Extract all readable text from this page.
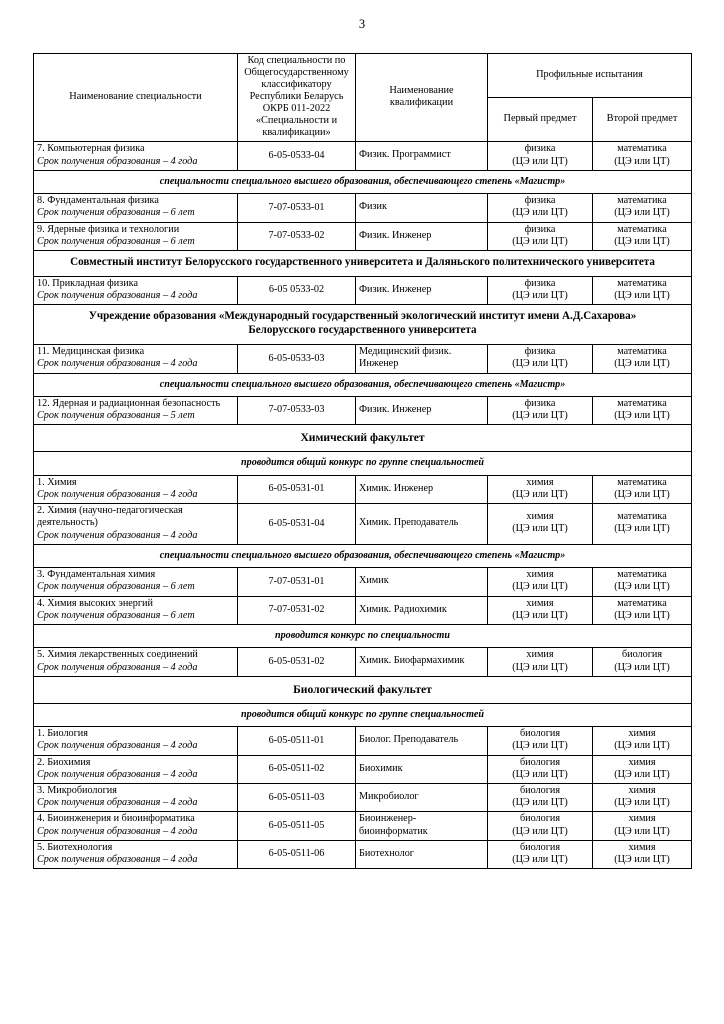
3
Наименование специальности	Код специальности по Общегосударственному классификатору Республики Беларусь ОКРБ 011-2022 «Специальности и квалификации»	Наименование квалификации	Профильные испытания	
			Первый предмет	Второй предмет

7. Компьютерная физика
Срок получения образования – 4 года	6-05-0533-04	Физик. Программист	физика
(ЦЭ или ЦТ)	математика
(ЦЭ или ЦТ)

специальности специального высшего образования, обеспечивающего степень «Магистр»				

8. Фундаментальная физика
Срок получения образования – 6 лет	7-07-0533-01	Физик	физика
(ЦЭ или ЦТ)	математика
(ЦЭ или ЦТ)

9. Ядерные физика и технологии
Срок получения образования – 6 лет	7-07-0533-02	Физик. Инженер	физика
(ЦЭ или ЦТ)	математика
(ЦЭ или ЦТ)

Совместный институт Белорусского государственного университета и Даляньского политехнического университета				

10. Прикладная физика
Срок получения образования – 4 года	6-05 0533-02	Физик. Инженер	физика
(ЦЭ или ЦТ)	математика
(ЦЭ или ЦТ)

Учреждение образования «Международный государственный экологический институт имени А.Д.Сахарова» Белорусского государственного университета				

11. Медицинская физика
Срок получения образования – 4 года	6-05-0533-03	Медицинский физик. Инженер	физика
(ЦЭ или ЦТ)	математика
(ЦЭ или ЦТ)

специальности специального высшего образования, обеспечивающего степень «Магистр»				

12. Ядерная и радиационная безопасность
Срок получения образования – 5 лет	7-07-0533-03	Физик. Инженер	физика
(ЦЭ или ЦТ)	математика
(ЦЭ или ЦТ)

Химический факультет				
проводится общий конкурс по группе специальностей				

1. Химия
Срок получения образования – 4 года	6-05-0531-01	Химик. Инженер	химия
(ЦЭ или ЦТ)	математика
(ЦЭ или ЦТ)

2. Химия (научно-педагогическая деятельность)
Срок получения образования – 4 года	6-05-0531-04	Химик. Преподаватель	химия
(ЦЭ или ЦТ)	математика
(ЦЭ или ЦТ)

специальности специального высшего образования, обеспечивающего степень «Магистр»				

3. Фундаментальная химия
Срок получения образования – 6 лет	7-07-0531-01	Химик	химия
(ЦЭ или ЦТ)	математика
(ЦЭ или ЦТ)

4. Химия высоких энергий
Срок получения образования – 6 лет	7-07-0531-02	Химик. Радиохимик	химия
(ЦЭ или ЦТ)	математика
(ЦЭ или ЦТ)

проводится конкурс по специальности				

5. Химия лекарственных соединений
Срок получения образования – 4 года	6-05-0531-02	Химик. Биофармахимик	химия
(ЦЭ или ЦТ)	биология
(ЦЭ или ЦТ)

Биологический факультет				
проводится общий конкурс по группе специальностей				

1. Биология
Срок получения образования – 4 года	6-05-0511-01	Биолог. Преподаватель	биология
(ЦЭ или ЦТ)	химия
(ЦЭ или ЦТ)

2. Биохимия
Срок получения образования – 4 года	6-05-0511-02	Биохимик	биология
(ЦЭ или ЦТ)	химия
(ЦЭ или ЦТ)

3. Микробиология
Срок получения образования – 4 года	6-05-0511-03	Микробиолог	биология
(ЦЭ или ЦТ)	химия
(ЦЭ или ЦТ)

4. Биоинженерия и биоинформатика
Срок получения образования – 4 года	6-05-0511-05	Биоинженер-биоинформатик	биология
(ЦЭ или ЦТ)	химия
(ЦЭ или ЦТ)

5. Биотехнология
Срок получения образования – 4 года	6-05-0511-06	Биотехнолог	биология
(ЦЭ или ЦТ)	химия
(ЦЭ или ЦТ)
